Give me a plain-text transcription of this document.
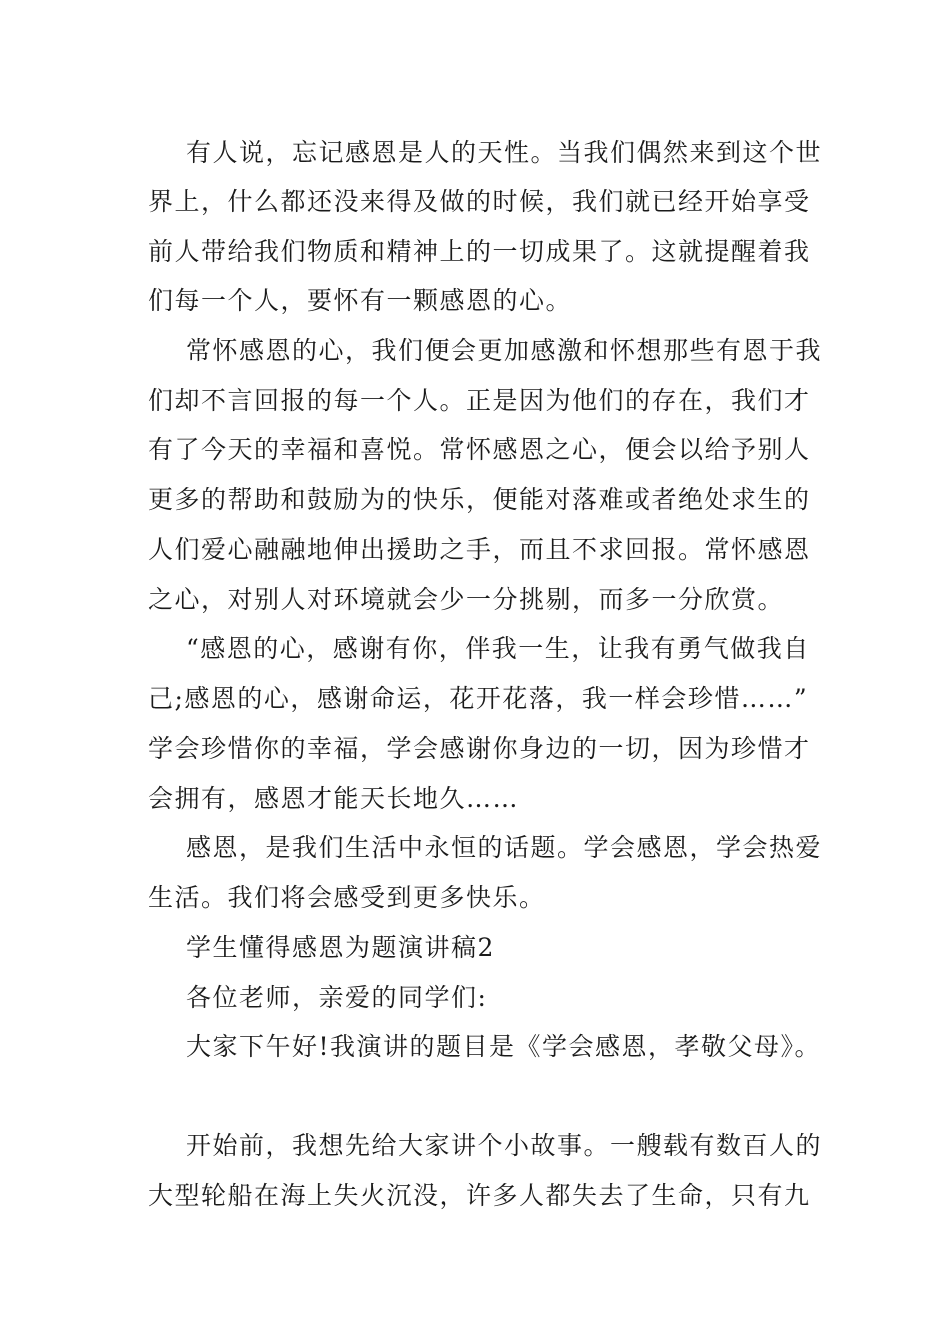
有人说，忘记感恩是人的天性。当我们偶然来到这个世
界上，什么都还没来得及做的时候，我们就已经开始享受
前人带给我们物质和精神上的一切成果了。这就提醒着我
们每一个人，要怀有一颗感恩的心。
常怀感恩的心，我们便会更加感激和怀想那些有恩于我
们却不言回报的每一个人。正是因为他们的存在，我们才
有了今天的幸福和喜悦。常怀感恩之心，便会以给予别人
更多的帮助和鼓励为的快乐，便能对落难或者绝处求生的
人们爱心融融地伸出援助之手，而且不求回报。常怀感恩
之心，对别人对环境就会少一分挑剔，而多一分欣赏。
“感恩的心，感谢有你，伴我一生，让我有勇气做我自
己;感恩的心，感谢命运，花开花落，我一样会珍惜……”
学会珍惜你的幸福，学会感谢你身边的一切，因为珍惜才
会拥有，感恩才能天长地久……
感恩，是我们生活中永恒的话题。学会感恩，学会热爱
生活。我们将会感受到更多快乐。
学生懂得感恩为题演讲稿2
各位老师，亲爱的同学们:
大家下午好!我演讲的题目是《学会感恩，孝敬父母》。
开始前，我想先给大家讲个小故事。一艘载有数百人的
大型轮船在海上失火沉没，许多人都失去了生命，只有九
